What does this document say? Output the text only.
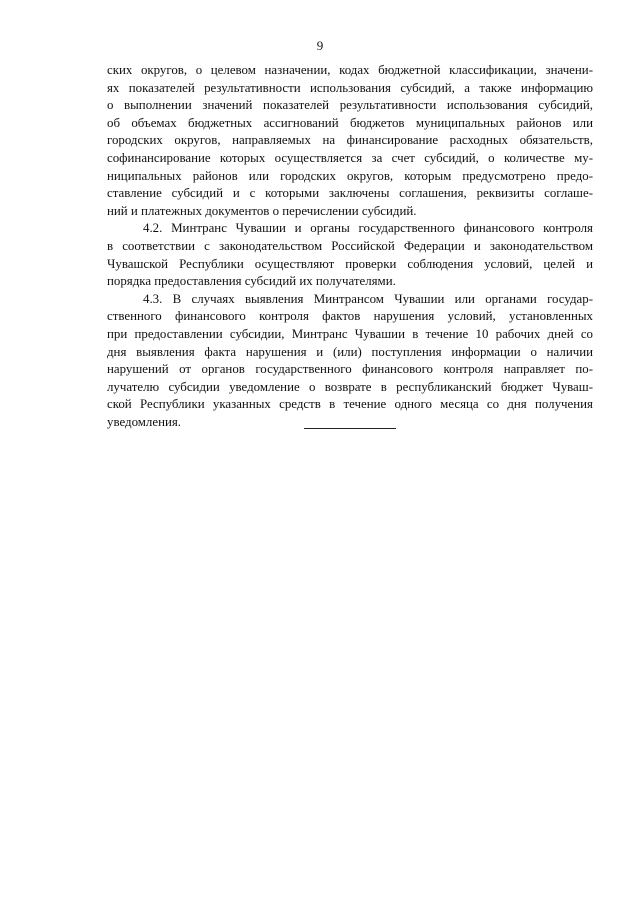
9
ских округов, о целевом назначении, кодах бюджетной классификации, значени-
ях показателей результативности использования субсидий, а также информацию
о выполнении значений показателей результативности использования субсидий,
об объемах бюджетных ассигнований бюджетов муниципальных районов или
городских округов, направляемых на финансирование расходных обязательств,
софинансирование которых осуществляется за счет субсидий, о количестве му-
ниципальных районов или городских округов, которым предусмотрено предо-
ставление субсидий и с которыми заключены соглашения, реквизиты соглаше-
ний и платежных документов о перечислении субсидий.
4.2. Минтранс Чувашии и органы государственного финансового контроля
в соответствии с законодательством Российской Федерации и законодательством
Чувашской Республики осуществляют проверки соблюдения условий, целей и
порядка предоставления субсидий их получателями.
4.3. В случаях выявления Минтрансом Чувашии или органами государ-
ственного финансового контроля фактов нарушения условий, установленных
при предоставлении субсидии, Минтранс Чувашии в течение 10 рабочих дней со
дня выявления факта нарушения и (или) поступления информации о наличии
нарушений от органов государственного финансового контроля направляет по-
лучателю субсидии уведомление о возврате в республиканский бюджет Чуваш-
ской Республики указанных средств в течение одного месяца со дня получения
уведомления.
